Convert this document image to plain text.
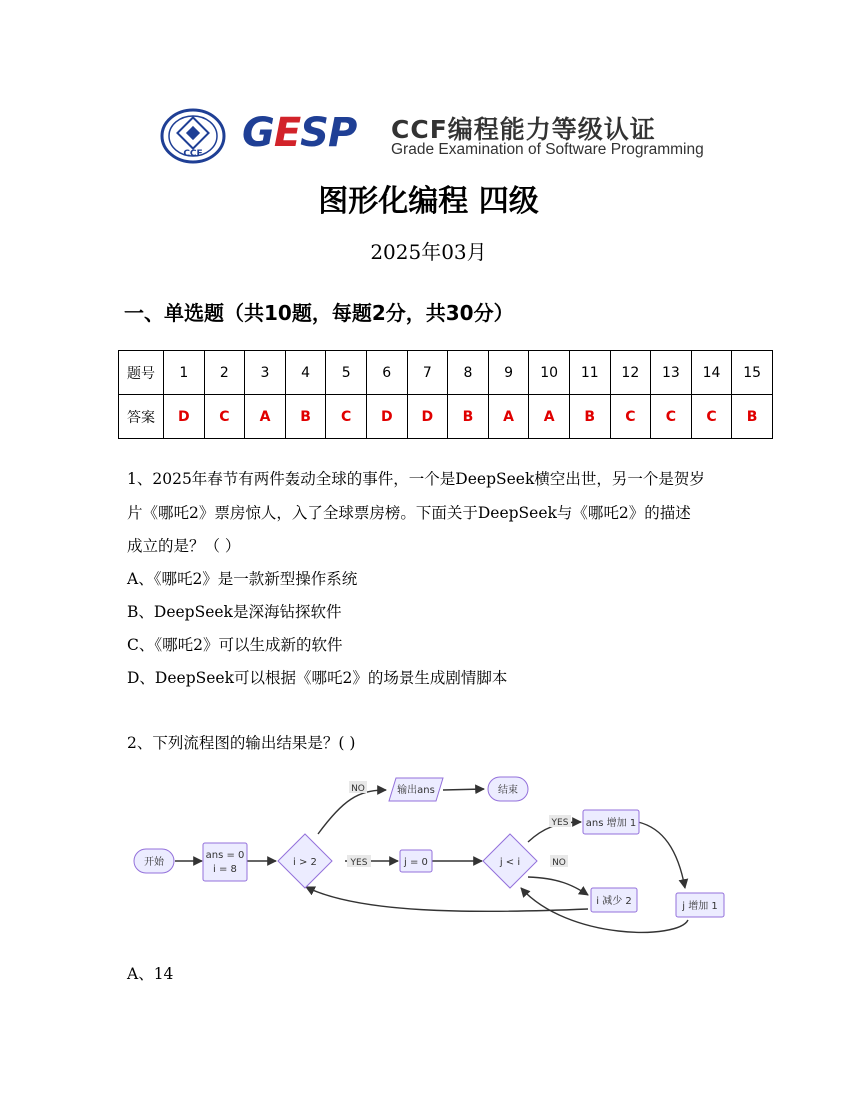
CCF GESP CCF编程能力等级认证
Grade Examination of Software Programming
图形化编程 四级
2025年03月
一、单选题（共10题，每题2分，共30分）
题号	1	2	3	4	5	6	7	8	9	10	11	12	13	14	15
答案	D	C	A	B	C	D	D	B	A	A	B	C	C	C	B
1、2025年春节有两件轰动全球的事件，一个是DeepSeek横空出世，另一个是贺岁
片《哪吒2》票房惊人，入了全球票房榜。下面关于DeepSeek与《哪吒2》的描述
成立的是？（ ）
A、《哪吒2》是一款新型操作系统
B、DeepSeek是深海钻探软件
C、《哪吒2》可以生成新的软件
D、DeepSeek可以根据《哪吒2》的场景生成剧情脚本
2、下列流程图的输出结果是？( )
开始
ans = 0
i = 8
i > 2
输出ans	结束
j = 0	j < i
ans 增加 1
i 减少 2	j 增加 1
NO
YES
YES
NO
A、14
